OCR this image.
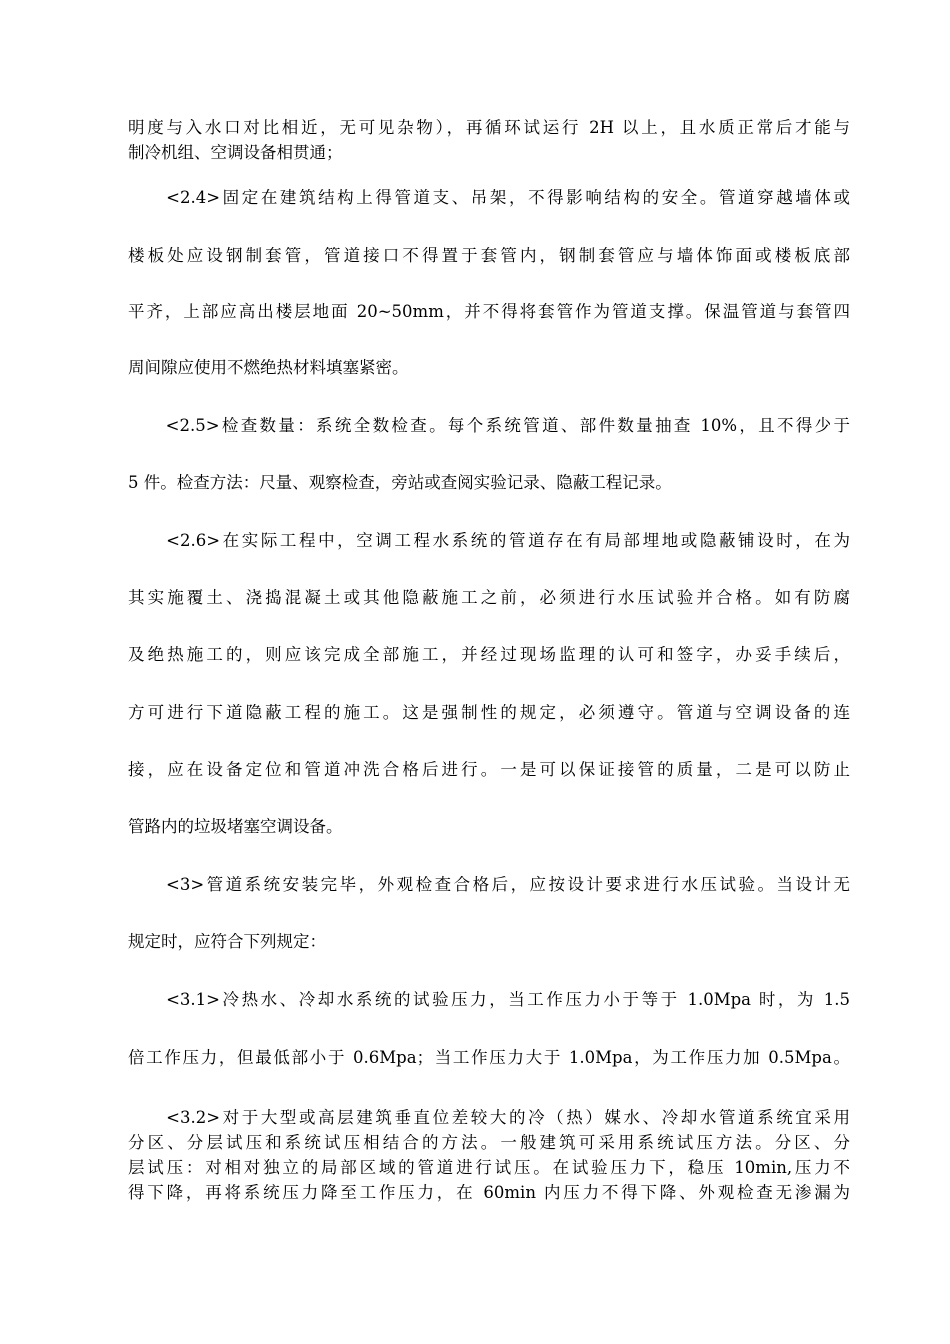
明度与入水口对比相近，无可见杂物），再循环试运行 2H 以上，且水质正常后才能与
制冷机组、空调设备相贯通；
　　<2.4>固定在建筑结构上得管道支、吊架，不得影响结构的安全。管道穿越墙体或
楼板处应设钢制套管，管道接口不得置于套管内，钢制套管应与墙体饰面或楼板底部
平齐，上部应高出楼层地面 20~50mm，并不得将套管作为管道支撑。保温管道与套管四
周间隙应使用不燃绝热材料填塞紧密。
　　<2.5>检查数量：系统全数检查。每个系统管道、部件数量抽查 10%，且不得少于
5 件。检查方法：尺量、观察检查，旁站或查阅实验记录、隐蔽工程记录。
　　<2.6>在实际工程中，空调工程水系统的管道存在有局部埋地或隐蔽铺设时，在为
其实施覆土、浇捣混凝土或其他隐蔽施工之前，必须进行水压试验并合格。如有防腐
及绝热施工的，则应该完成全部施工，并经过现场监理的认可和签字，办妥手续后，
方可进行下道隐蔽工程的施工。这是强制性的规定，必须遵守。管道与空调设备的连
接，应在设备定位和管道冲洗合格后进行。一是可以保证接管的质量，二是可以防止
管路内的垃圾堵塞空调设备。
　　<3>管道系统安装完毕，外观检查合格后，应按设计要求进行水压试验。当设计无
规定时，应符合下列规定：
　　<3.1>冷热水、冷却水系统的试验压力，当工作压力小于等于 1.0Mpa 时，为 1.5
倍工作压力，但最低部小于 0.6Mpa；当工作压力大于 1.0Mpa，为工作压力加 0.5Mpa。
　　<3.2>对于大型或高层建筑垂直位差较大的冷（热）媒水、冷却水管道系统宜采用
分区、分层试压和系统试压相结合的方法。一般建筑可采用系统试压方法。分区、分
层试压：对相对独立的局部区域的管道进行试压。在试验压力下，稳压 10min,压力不
得下降，再将系统压力降至工作压力，在 60min 内压力不得下降、外观检查无渗漏为
